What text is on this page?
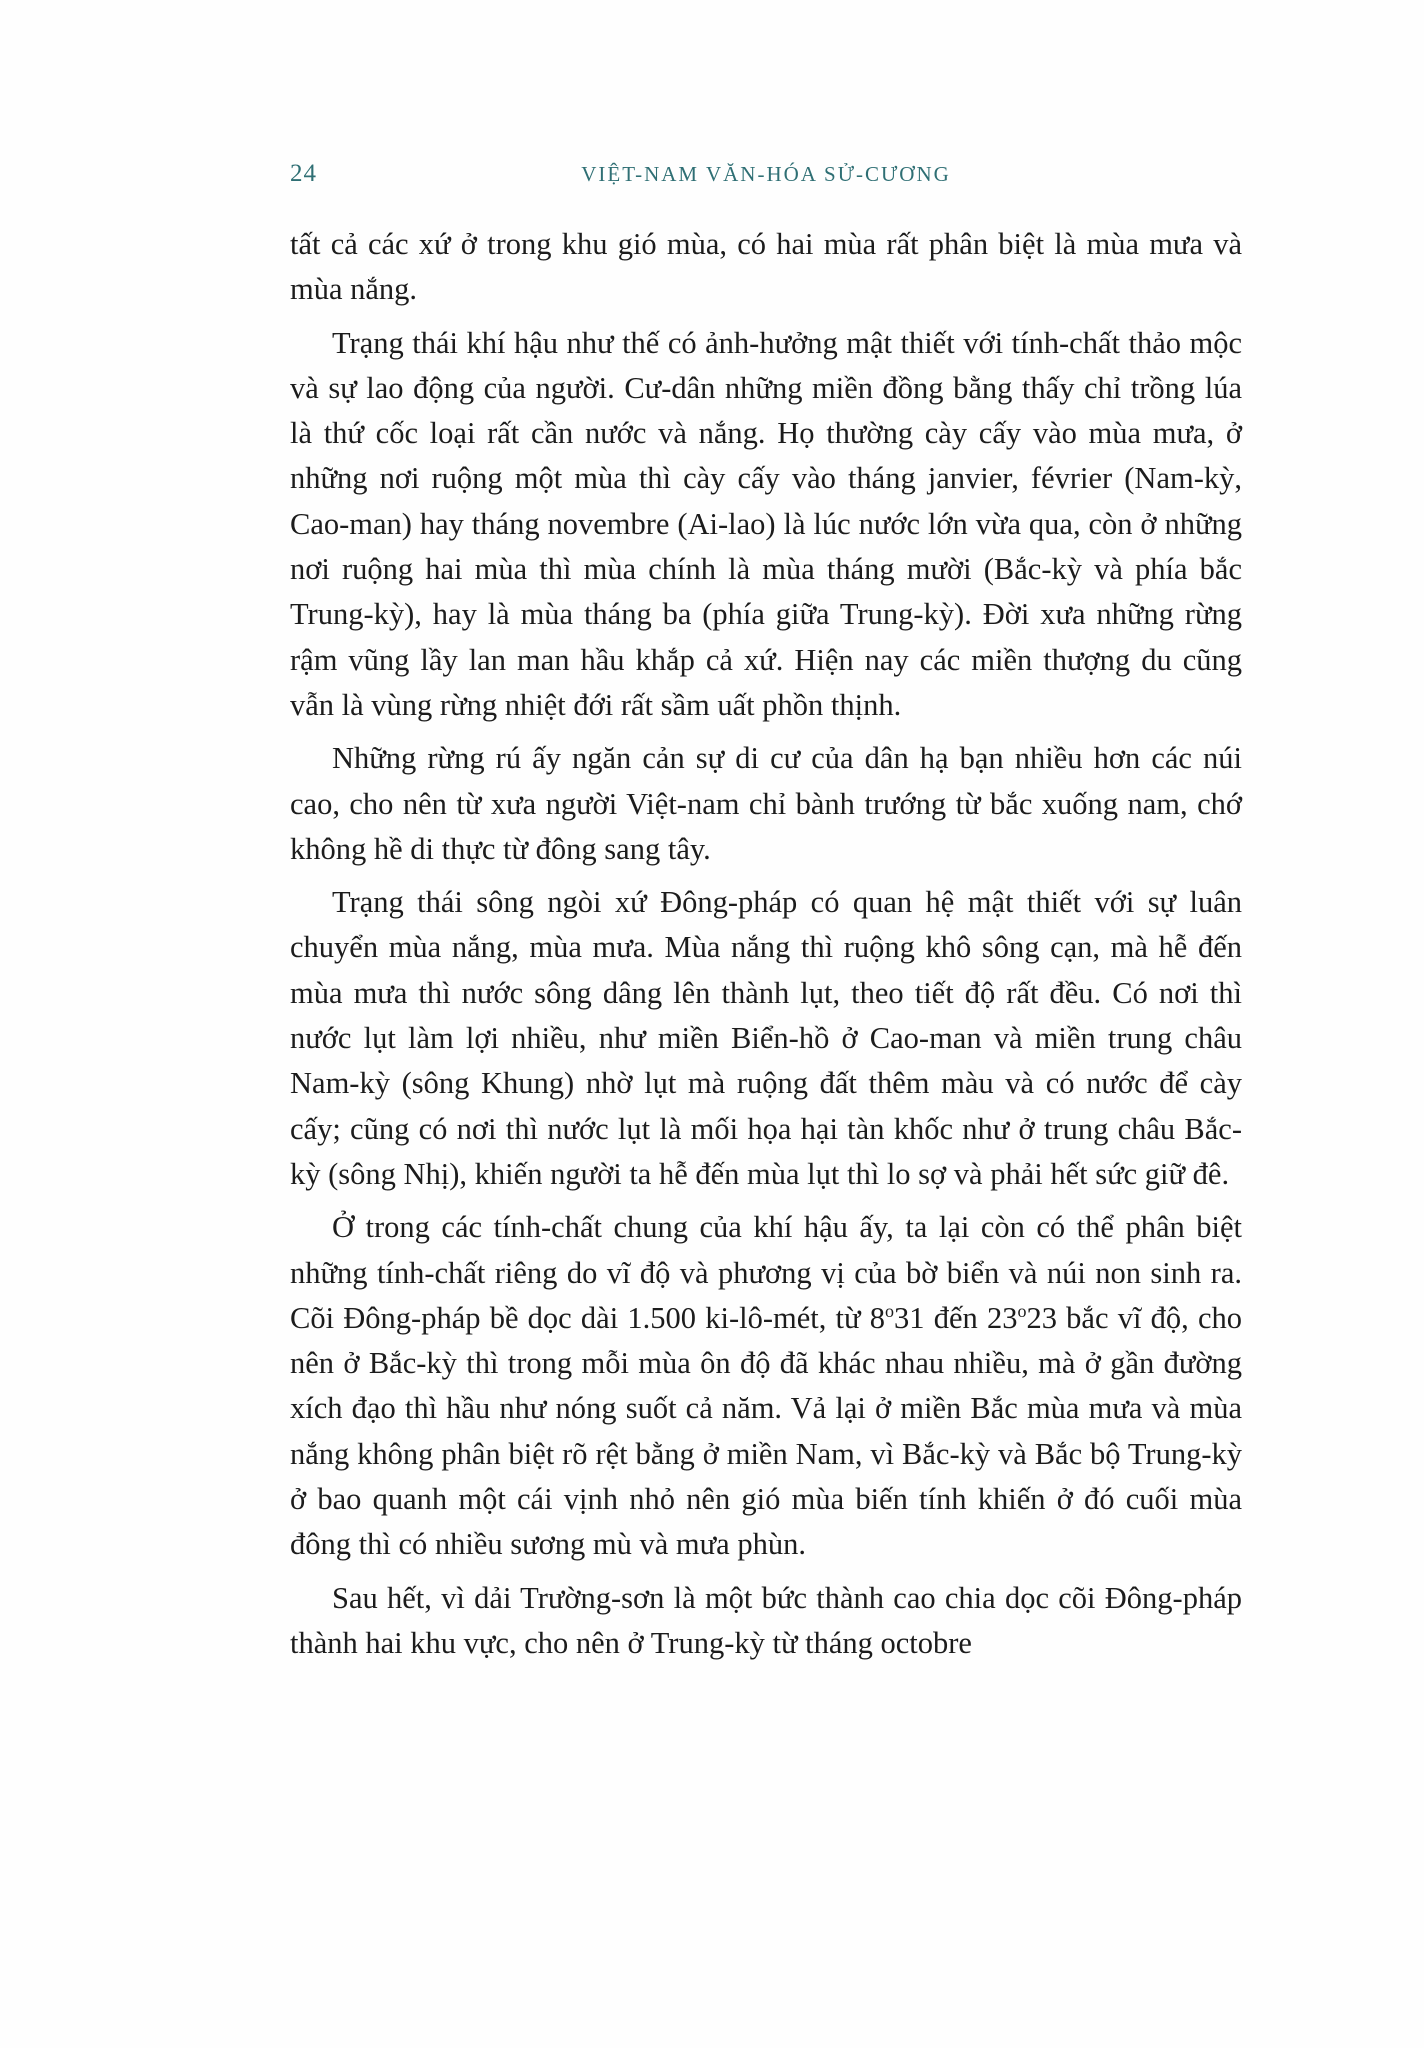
24	VIỆT-NAM VĂN-HÓA SỬ-CƯƠNG

tất cả các xứ ở trong khu gió mùa, có hai mùa rất phân biệt là mùa mưa và mùa nắng.

Trạng thái khí hậu như thế có ảnh-hưởng mật thiết với tính-chất thảo mộc và sự lao động của người. Cư-dân những miền đồng bằng thấy chỉ trồng lúa là thứ cốc loại rất cần nước và nắng. Họ thường cày cấy vào mùa mưa, ở những nơi ruộng một mùa thì cày cấy vào tháng janvier, février (Nam-kỳ, Cao-man) hay tháng novembre (Ai-lao) là lúc nước lớn vừa qua, còn ở những nơi ruộng hai mùa thì mùa chính là mùa tháng mười (Bắc-kỳ và phía bắc Trung-kỳ), hay là mùa tháng ba (phía giữa Trung-kỳ). Đời xưa những rừng rậm vũng lầy lan man hầu khắp cả xứ. Hiện nay các miền thượng du cũng vẫn là vùng rừng nhiệt đới rất sầm uất phồn thịnh.

Những rừng rú ấy ngăn cản sự di cư của dân hạ bạn nhiều hơn các núi cao, cho nên từ xưa người Việt-nam chỉ bành trướng từ bắc xuống nam, chớ không hề di thực từ đông sang tây.

Trạng thái sông ngòi xứ Đông-pháp có quan hệ mật thiết với sự luân chuyển mùa nắng, mùa mưa. Mùa nắng thì ruộng khô sông cạn, mà hễ đến mùa mưa thì nước sông dâng lên thành lụt, theo tiết độ rất đều. Có nơi thì nước lụt làm lợi nhiều, như miền Biển-hồ ở Cao-man và miền trung châu Nam-kỳ (sông Khung) nhờ lụt mà ruộng đất thêm màu và có nước để cày cấy; cũng có nơi thì nước lụt là mối họa hại tàn khốc như ở trung châu Bắc-kỳ (sông Nhị), khiến người ta hễ đến mùa lụt thì lo sợ và phải hết sức giữ đê.

Ở trong các tính-chất chung của khí hậu ấy, ta lại còn có thể phân biệt những tính-chất riêng do vĩ độ và phương vị của bờ biển và núi non sinh ra. Cõi Đông-pháp bề dọc dài 1.500 ki-lô-mét, từ 8$^o$31 đến 23$^o$23 bắc vĩ độ, cho nên ở Bắc-kỳ thì trong mỗi mùa ôn độ đã khác nhau nhiều, mà ở gần đường xích đạo thì hầu như nóng suốt cả năm. Vả lại ở miền Bắc mùa mưa và mùa nắng không phân biệt rõ rệt bằng ở miền Nam, vì Bắc-kỳ và Bắc bộ Trung-kỳ ở bao quanh một cái vịnh nhỏ nên gió mùa biến tính khiến ở đó cuối mùa đông thì có nhiều sương mù và mưa phùn.

Sau hết, vì dải Trường-sơn là một bức thành cao chia dọc cõi Đông-pháp thành hai khu vực, cho nên ở Trung-kỳ từ tháng octobre
